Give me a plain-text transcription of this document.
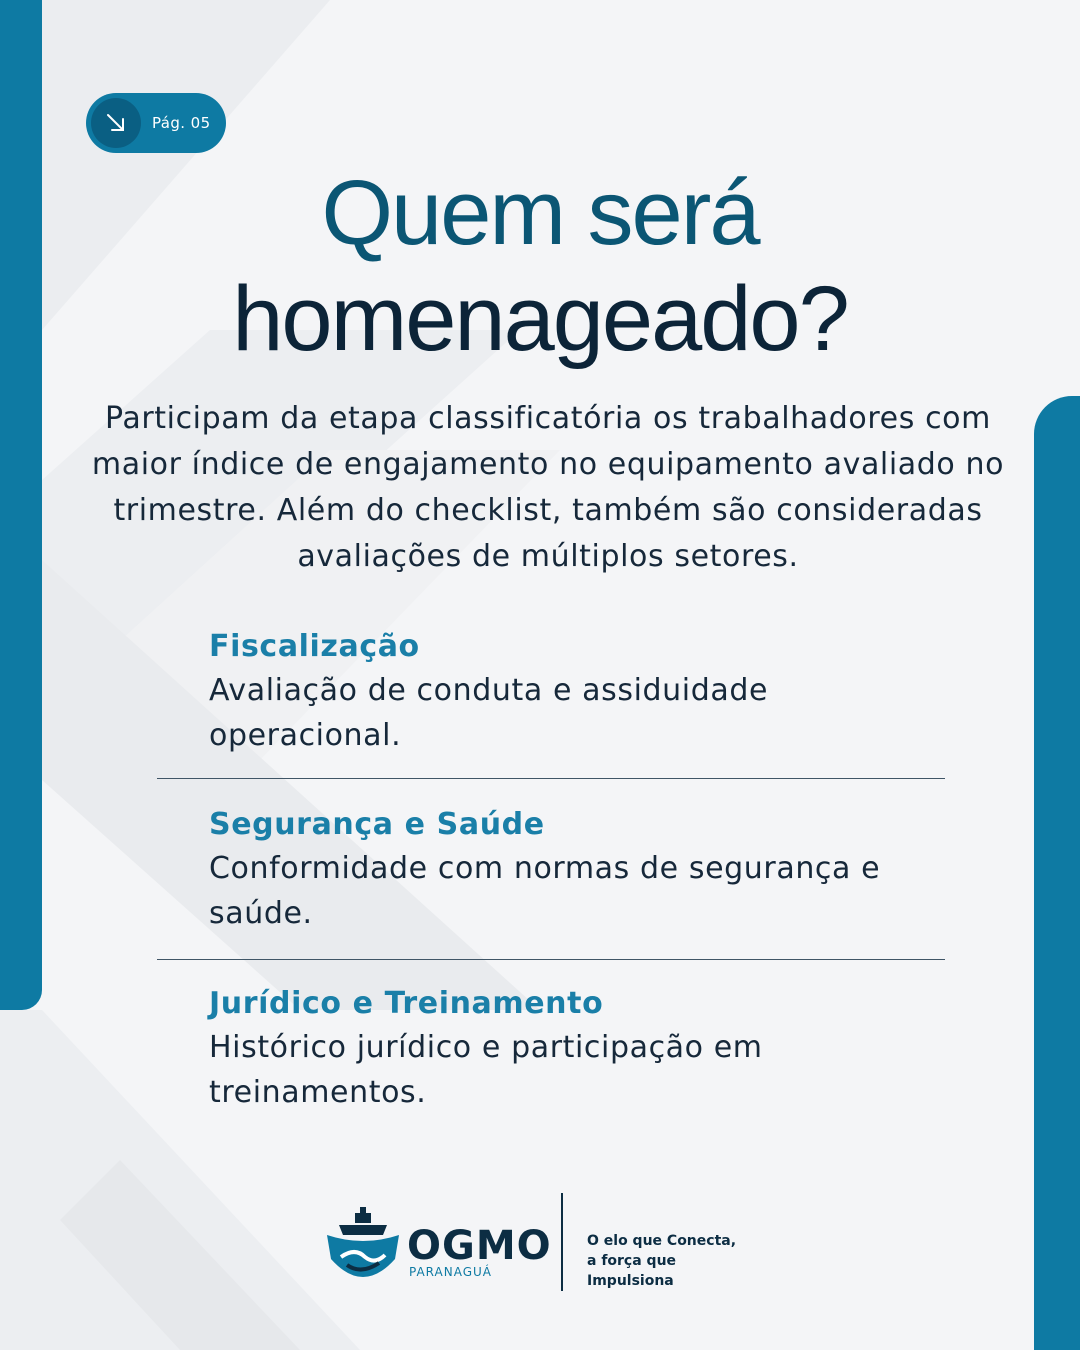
Pág. 05
Quem será
homenageado?

Participam da etapa classificatória os trabalhadores com maior índice de engajamento no equipamento avaliado no trimestre. Além do checklist, também são consideradas avaliações de múltiplos setores.

Fiscalização

Avaliação de conduta e assiduidade operacional.

Segurança e Saúde

Conformidade com normas de segurança e saúde.

Jurídico e Treinamento

Histórico jurídico e participação em treinamentos.

OGMO
PARANAGUÁ
O elo que Conecta,
a força que Impulsiona
